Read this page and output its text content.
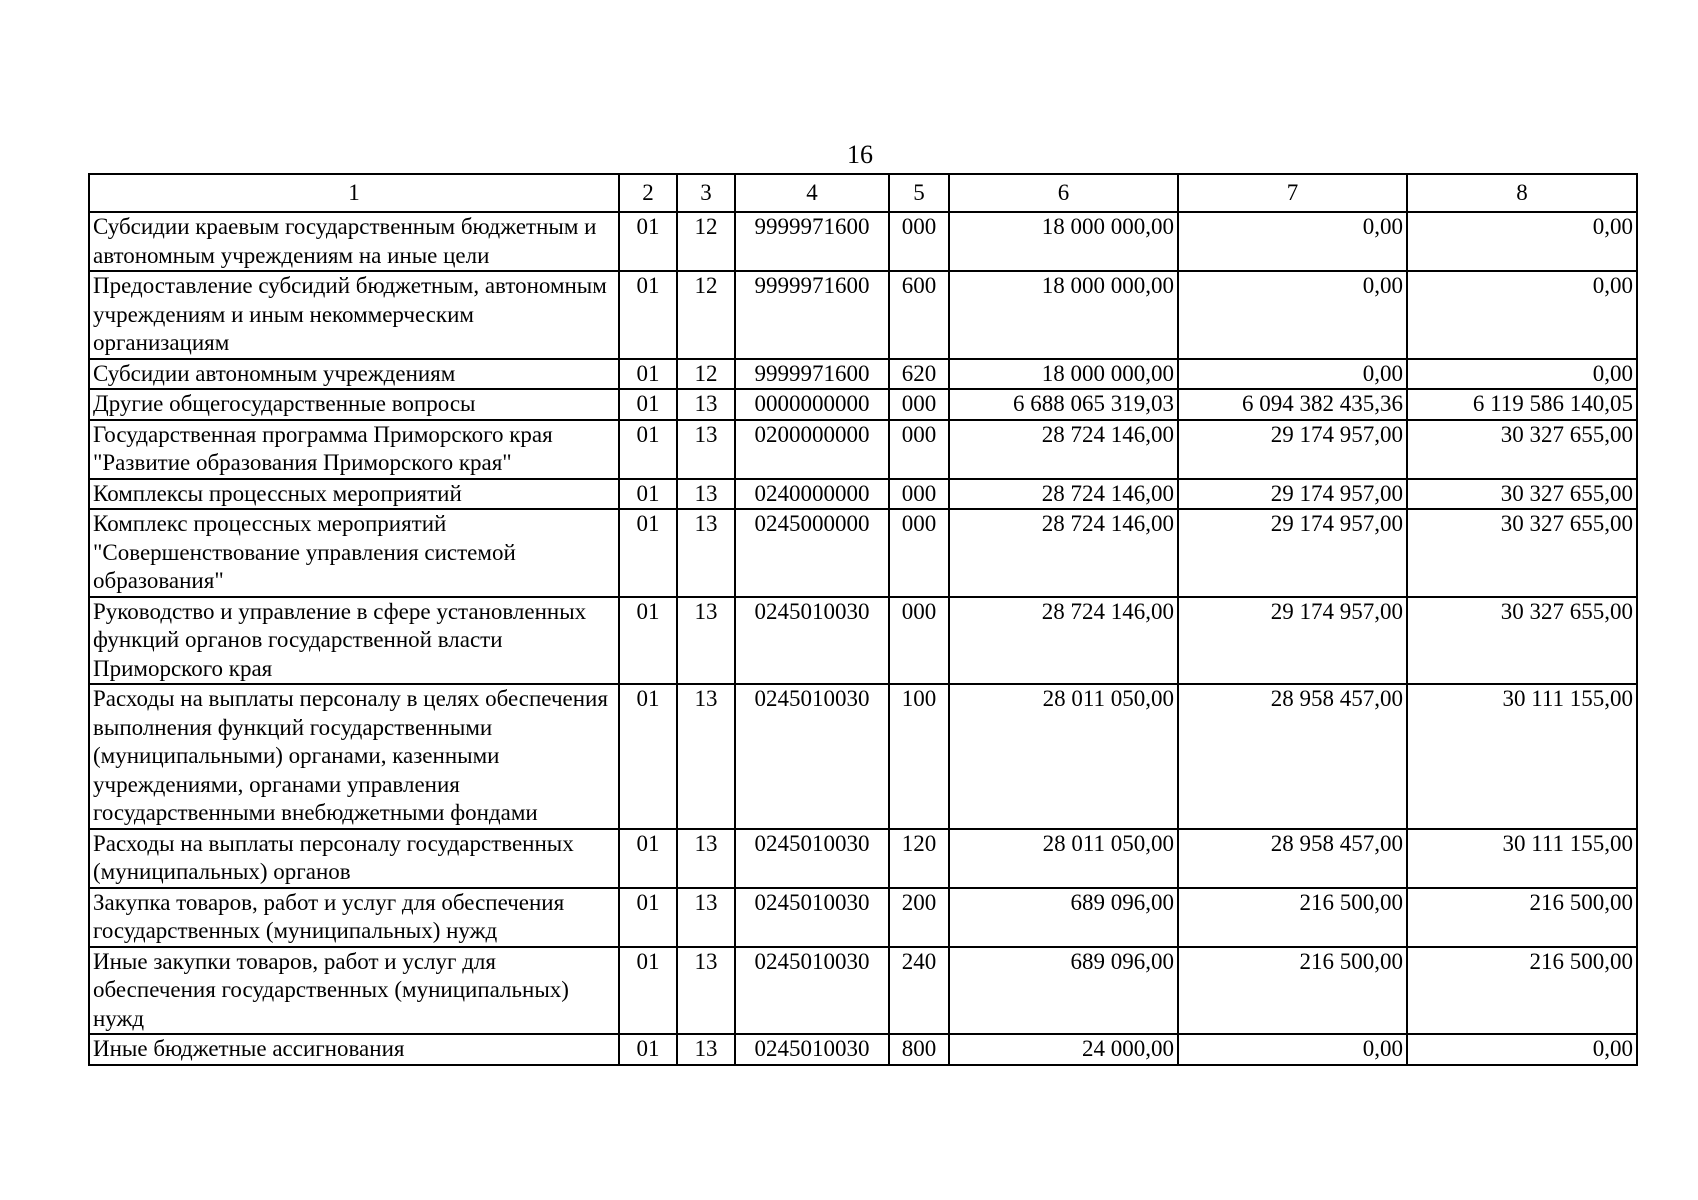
16
1	2	3	4	5	6	7	8
Субсидии краевым государственным бюджетным и автономным учреждениям на иные цели	01	12	9999971600	000	18 000 000,00	0,00	0,00
Предоставление субсидий бюджетным, автономным учреждениям и иным некоммерческим организациям	01	12	9999971600	600	18 000 000,00	0,00	0,00
Субсидии автономным учреждениям	01	12	9999971600	620	18 000 000,00	0,00	0,00
Другие общегосударственные вопросы	01	13	0000000000	000	6 688 065 319,03	6 094 382 435,36	6 119 586 140,05
Государственная программа Приморского края "Развитие образования Приморского края"	01	13	0200000000	000	28 724 146,00	29 174 957,00	30 327 655,00
Комплексы процессных мероприятий	01	13	0240000000	000	28 724 146,00	29 174 957,00	30 327 655,00
Комплекс процессных мероприятий "Совершенствование управления системой образования"	01	13	0245000000	000	28 724 146,00	29 174 957,00	30 327 655,00
Руководство и управление в сфере установленных функций органов государственной власти Приморского края	01	13	0245010030	000	28 724 146,00	29 174 957,00	30 327 655,00
Расходы на выплаты персоналу в целях обеспечения выполнения функций государственными (муниципальными) органами, казенными учреждениями, органами управления государственными внебюджетными фондами	01	13	0245010030	100	28 011 050,00	28 958 457,00	30 111 155,00
Расходы на выплаты персоналу государственных (муниципальных) органов	01	13	0245010030	120	28 011 050,00	28 958 457,00	30 111 155,00
Закупка товаров, работ и услуг для обеспечения государственных (муниципальных) нужд	01	13	0245010030	200	689 096,00	216 500,00	216 500,00
Иные закупки товаров, работ и услуг для обеспечения государственных (муниципальных) нужд	01	13	0245010030	240	689 096,00	216 500,00	216 500,00
Иные бюджетные ассигнования	01	13	0245010030	800	24 000,00	0,00	0,00
